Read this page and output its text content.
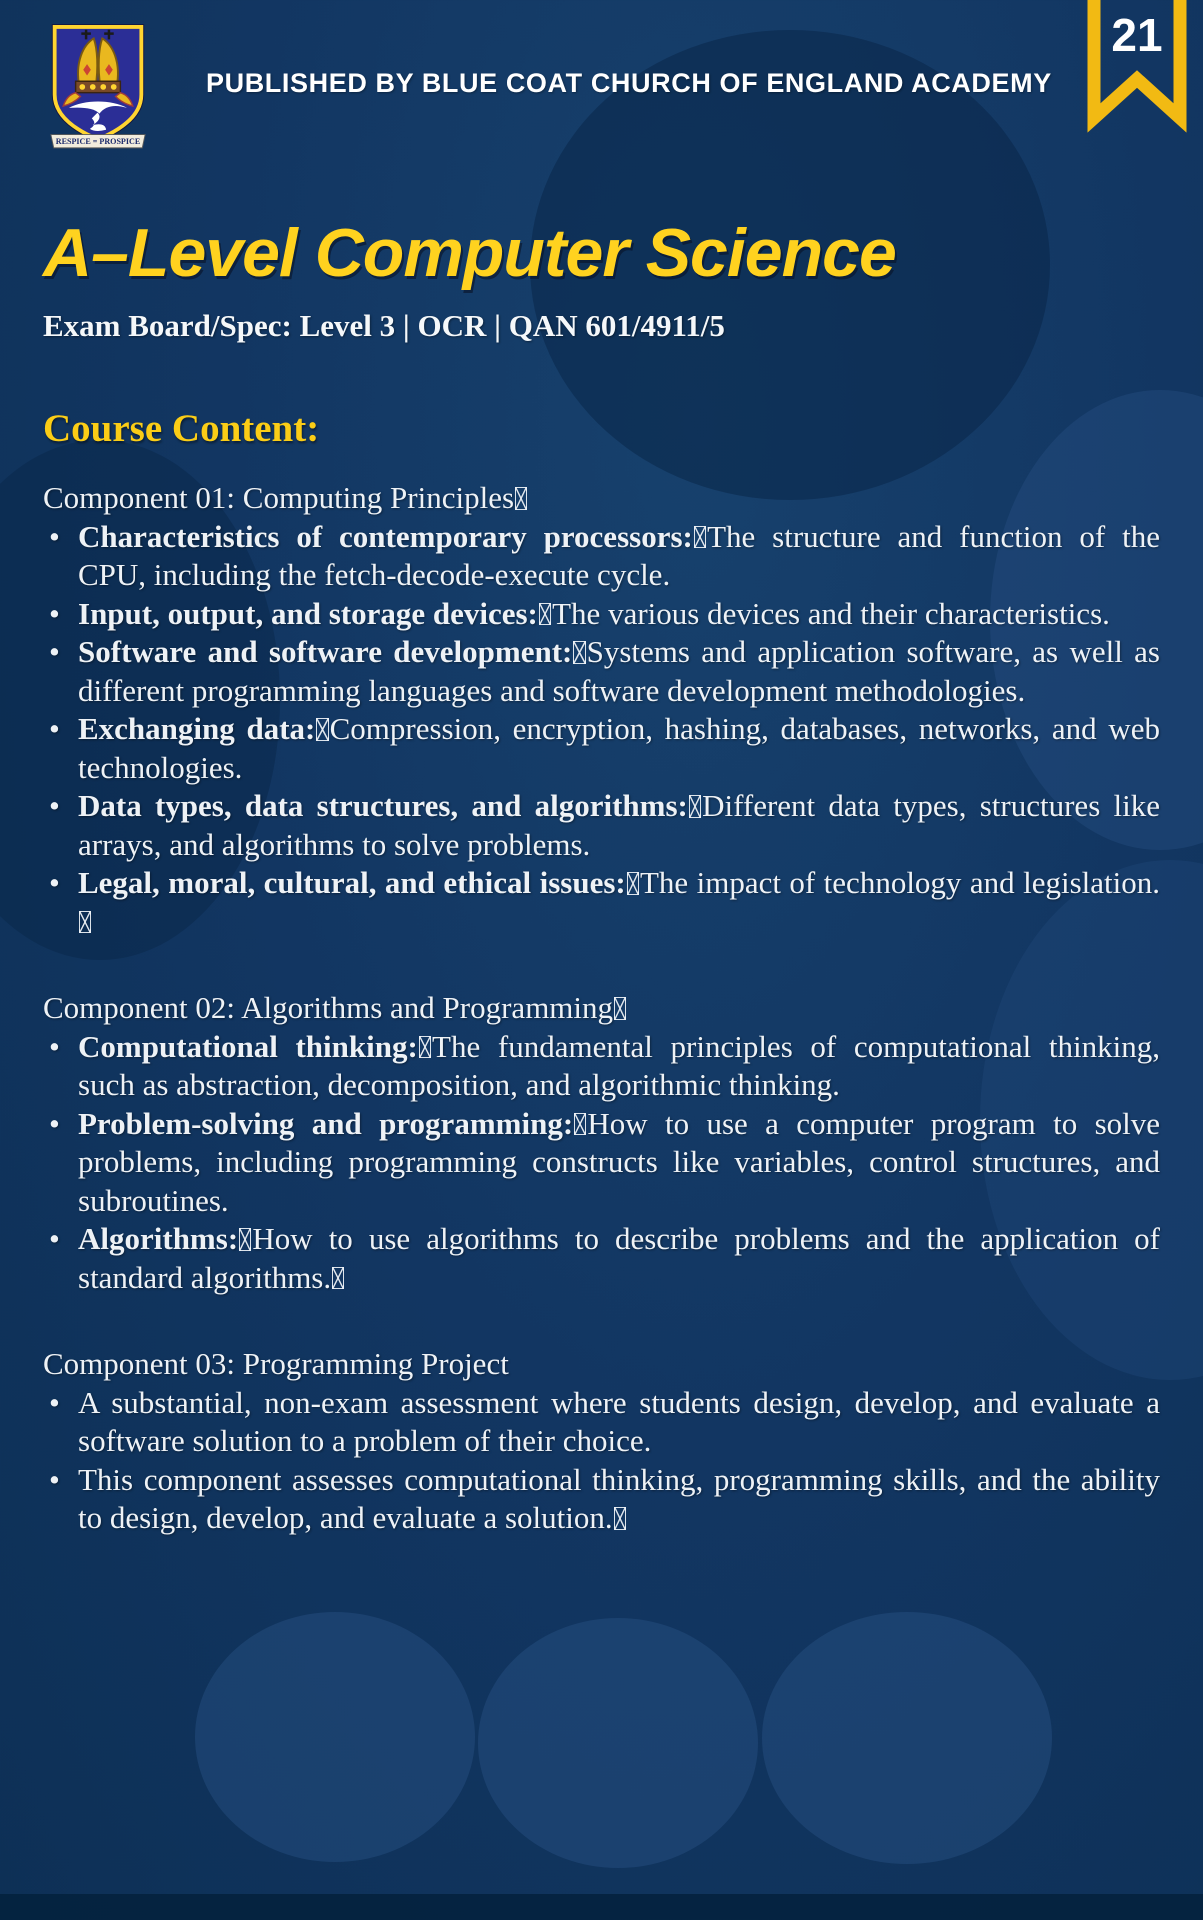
21
RESPICE = PROSPICE
PUBLISHED BY BLUE COAT CHURCH OF ENGLAND ACADEMY
A–Level Computer Science
Exam Board/Spec: Level 3 | OCR | QAN 601/4911/5
Course Content:
Component 01: Computing Principles
• Characteristics of contemporary processors: The structure and function of the CPU, including the fetch-decode-execute cycle.
• Input, output, and storage devices: The various devices and their characteristics.
• Software and software development: Systems and application software, as well as different programming languages and software development methodologies.
• Exchanging data: Compression, encryption, hashing, databases, networks, and web technologies.
• Data types, data structures, and algorithms: Different data types, structures like arrays, and algorithms to solve problems.
• Legal, moral, cultural, and ethical issues: The impact of technology and legislation.
Component 02: Algorithms and Programming
• Computational thinking: The fundamental principles of computational thinking, such as abstraction, decomposition, and algorithmic thinking.
• Problem-solving and programming: How to use a computer program to solve problems, including programming constructs like variables, control structures, and subroutines.
• Algorithms: How to use algorithms to describe problems and the application of standard algorithms.
Component 03: Programming Project
• A substantial, non-exam assessment where students design, develop, and evaluate a software solution to a problem of their choice.
• This component assesses computational thinking, programming skills, and the ability to design, develop, and evaluate a solution.
